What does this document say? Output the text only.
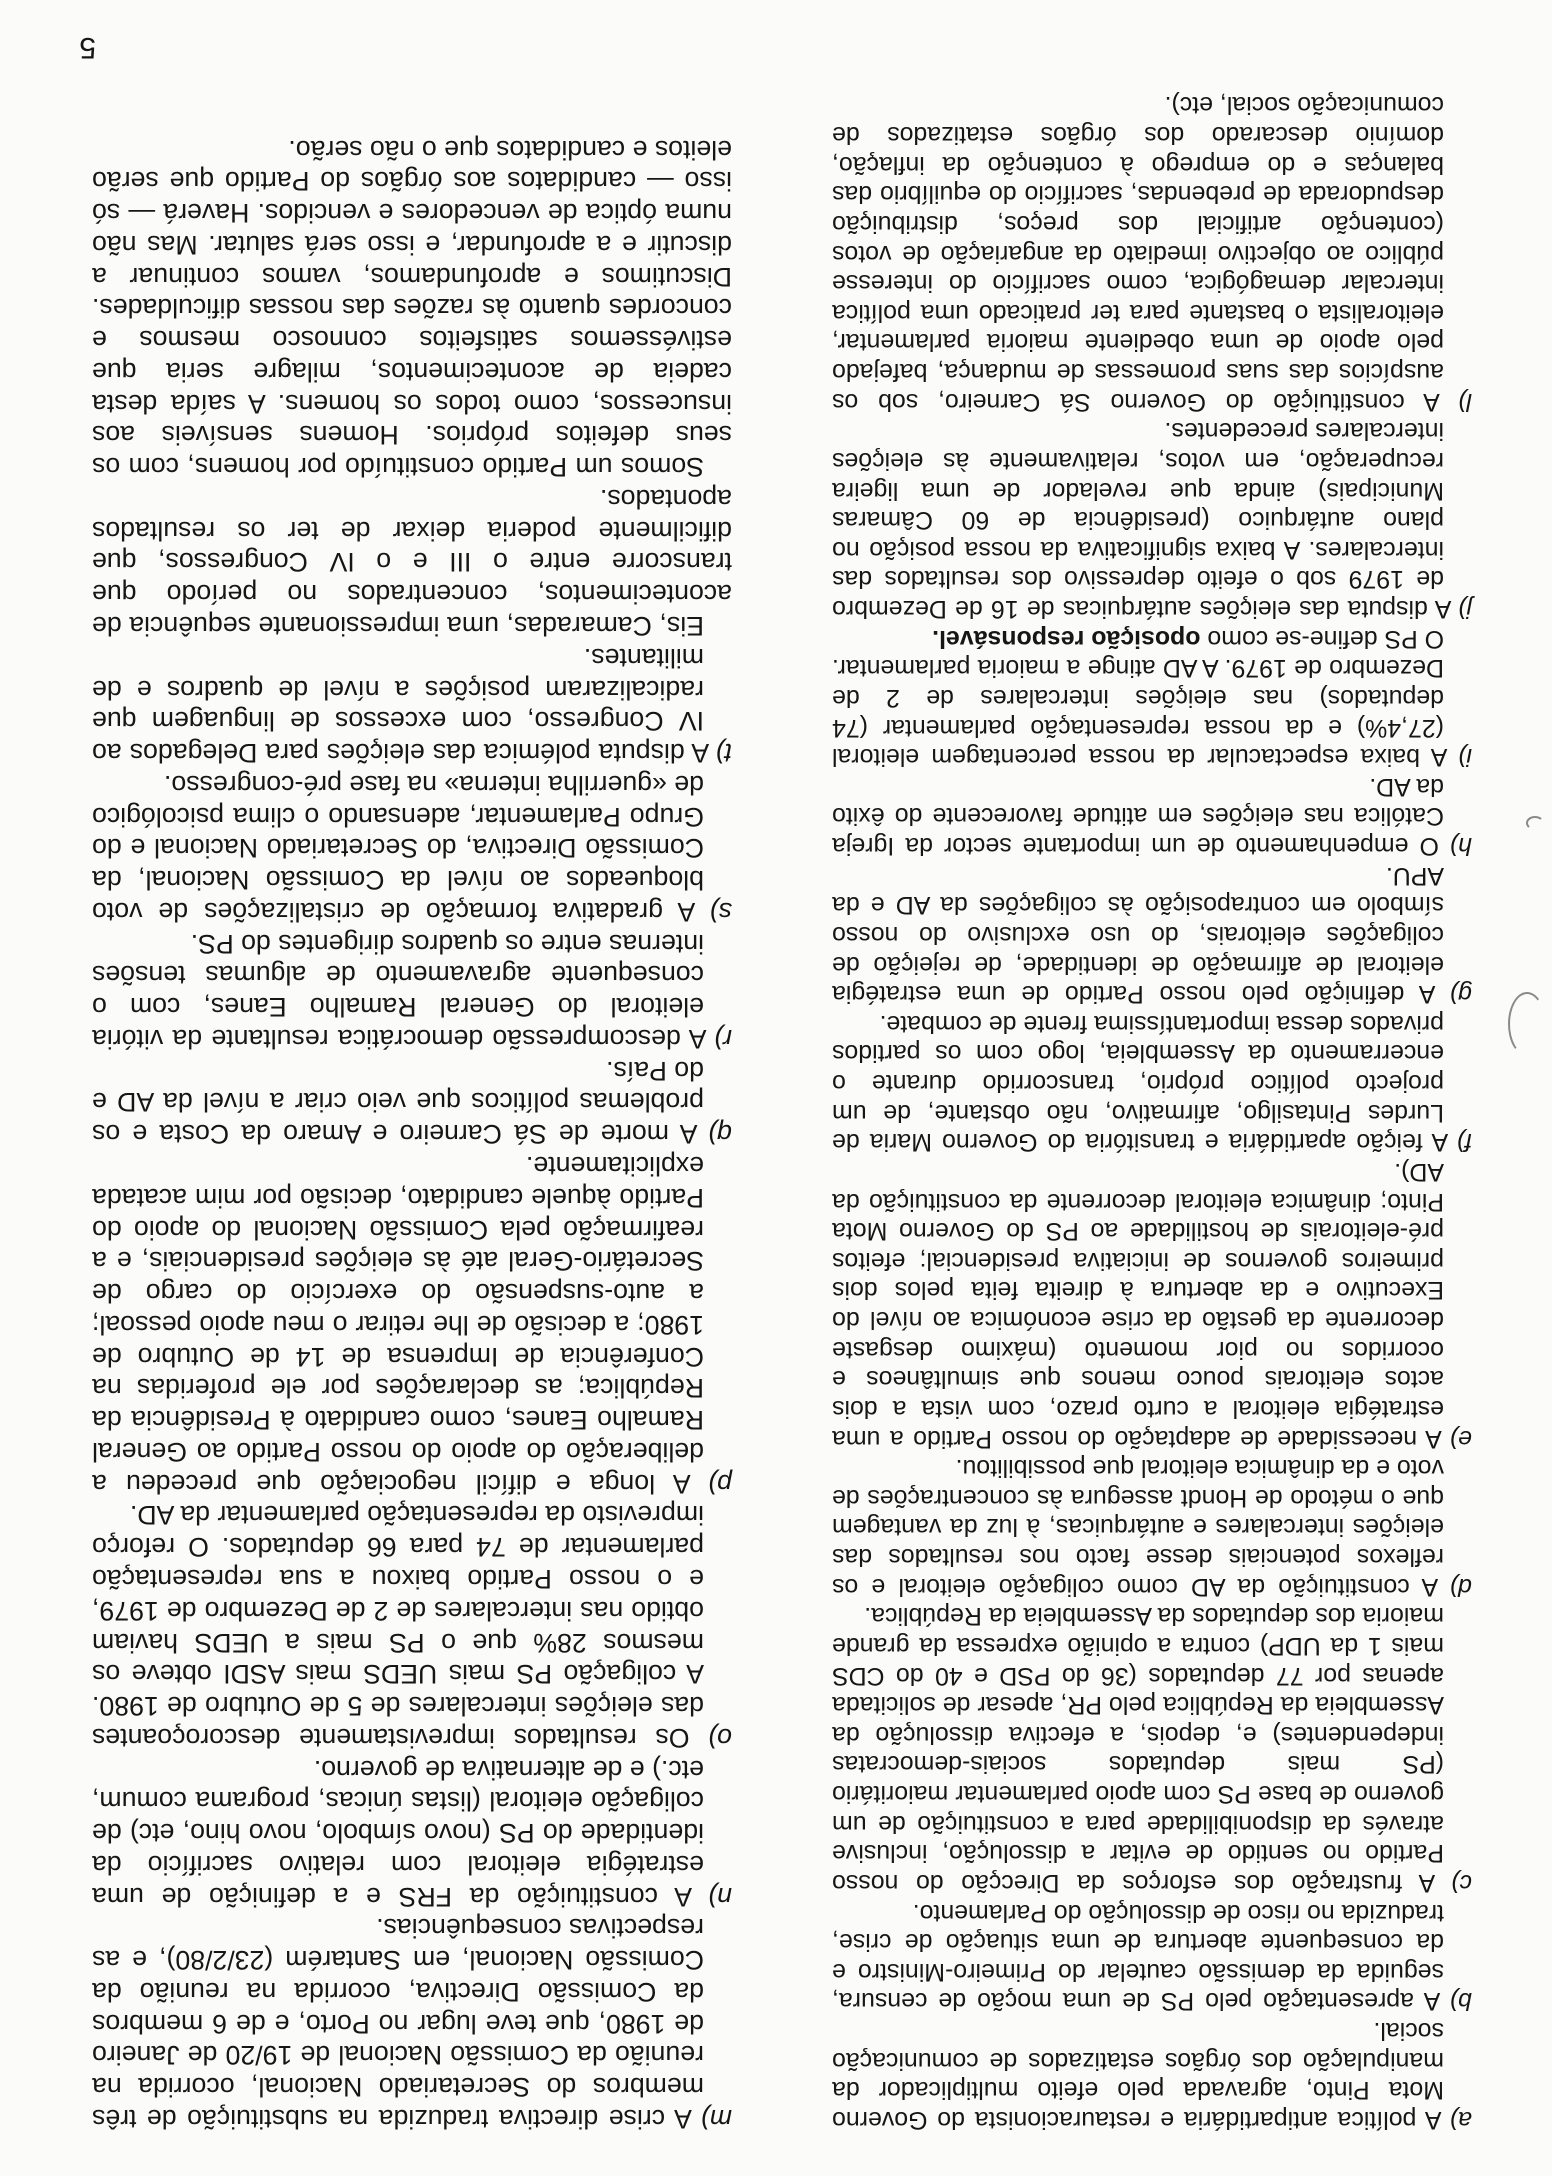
a) A política antipartidária e restauracionista do Governo Mota Pinto, agravada pelo efeito multiplicador da manipulação dos órgãos estatizados de comunicação social.

b) A apresentação pelo PS de uma moção de censura, seguida da demissão cautelar do Primeiro-Ministro e da consequente abertura de uma situação de crise, traduzida no risco de dissolução do Parlamento.

c) A frustração dos esforços da Direcção do nosso Partido no sentido de evitar a dissolução, inclusive através da disponibilidade para a constituição de um governo de base PS com apoio parlamentar maioritário (PS mais deputados sociais-democratas independentes) e, depois, a efectiva dissolução da Assembleia da República pelo PR, apesar de solicitada apenas por 77 deputados (36 do PSD e 40 do CDS mais 1 da UDP) contra a opinião expressa da grande maioria dos deputados da Assembleia da República.

d) A constituição da AD como coligação eleitoral e os reflexos potenciais desse facto nos resultados das eleições intercalares e autárquicas, à luz da vantagem que o método de Hondt assegura às concentrações de voto e da dinâmica eleitoral que possibilitou.

e) A necessidade de adaptação do nosso Partido a uma estratégia eleitoral a curto prazo, com vista a dois actos eleitorais pouco menos que simultâneos e ocorridos no pior momento (máximo desgaste decorrente da gestão da crise económica ao nível do Executivo e da abertura à direita feita pelos dois primeiros governos de iniciativa presidencial; efeitos pré-eleitorais de hostilidade ao PS do Governo Mota Pinto; dinâmica eleitoral decorrente da constituição da AD).

f) A feição apartidária e transitória do Governo Maria de Lurdes Pintasilgo, afirmativo, não obstante, de um projecto político próprio, transcorrido durante o encerramento da Assembleia, logo com os partidos privados dessa importantíssima frente de combate.

g) A definição pelo nosso Partido de uma estratégia eleitoral de afirmação de identidade, de rejeição de coligações eleitorais, do uso exclusivo do nosso símbolo em contraposição às coligações da AD e da APU.

h) O empenhamento de um importante sector da Igreja Católica nas eleições em atitude favorecente do êxito da AD.

i) A baixa espectacular da nossa percentagem eleitoral (27,4%) e da nossa representação parlamentar (74 deputados) nas eleições intercalares de 2 de Dezembro de 1979. A AD atinge a maioria parlamentar. O PS define-se como oposição responsável.

j) A disputa das eleições autárquicas de 16 de Dezembro de 1979 sob o efeito depressivo dos resultados das intercalares. A baixa significativa da nossa posição no plano autárquico (presidência de 60 Câmaras Municipais) ainda que revelador de uma ligeira recuperação, em votos, relativamente às eleições intercalares precedentes.

l) A constituição do Governo Sá Carneiro, sob os auspícios das suas promessas de mudança, bafejado pelo apoio de uma obediente maioria parlamentar, eleitoralista o bastante para ter praticado uma política intercalar demagógica, como sacrifício do interesse público ao objectivo imediato da angariação de votos (contenção artificial dos preços, distribuição despudorada de prebendas, sacrifício do equilíbrio das balanças e do emprego à contenção da inflação, domínio descarado dos órgãos estatizados de comunicação social, etc).

m) A crise directiva traduzida na substituição de três membros do Secretariado Nacional, ocorrida na reunião da Comissão Nacional de 19/20 de Janeiro de 1980, que teve lugar no Porto, e de 6 membros da Comissão Directiva, ocorrida na reunião da Comissão Nacional, em Santarém (23/2/80), e as respectivas consequências.

n) A constituição da FRS e a definição de uma estratégia eleitoral com relativo sacrifício da identidade do PS (novo símbolo, novo hino, etc) de coligação eleitoral (listas únicas, programa comum, etc.) e de alternativa de governo.

o) Os resultados imprevistamente descoroçoantes das eleições intercalares de 5 de Outubro de 1980. A coligação PS mais UEDS mais ASDI obteve os mesmos 28% que o PS mais a UEDS haviam obtido nas intercalares de 2 de Dezembro de 1979, e o nosso Partido baixou a sua representação parlamentar de 74 para 66 deputados. O reforço imprevisto da representação parlamentar da AD.

p) A longa e difícil negociação que precedeu a deliberação do apoio do nosso Partido ao General Ramalho Eanes, como candidato à Presidência da República; as declarações por ele proferidas na Conferência de Imprensa de 14 de Outubro de 1980; a decisão de lhe retirar o meu apoio pessoal; a auto-suspensão do exercício do cargo de Secretário-Geral até às eleições presidenciais, e a reafirmação pela Comissão Nacional do apoio do Partido àquele candidato, decisão por mim acatada explicitamente.

q) A morte de Sá Carneiro e Amaro da Costa e os problemas políticos que veio criar a nível da AD e do País.

r) A descompressão democrática resultante da vitória eleitoral do General Ramalho Eanes, com o consequente agravamento de algumas tensões internas entre os quadros dirigentes do PS.

s) A gradativa formação de cristalizações de voto bloqueados ao nível da Comissão Nacional, da Comissão Directiva, do Secretariado Nacional e do Grupo Parlamentar, adensando o clima psicológico de «guerrilha interna» na fase pré-congresso.

t) A disputa polémica das eleições para Delegados ao IV Congresso, com excessos de linguagem que radicalizaram posições a nível de quadros e de militantes.

Eis, Camaradas, uma impressionante sequência de acontecimentos, concentrados no período que transcorre entre o III e o IV Congressos, que dificilmente poderia deixar de ter os resultados apontados.

Somos um Partido constituído por homens, com os seus defeitos próprios. Homens sensíveis aos insucessos, como todos os homens. A saída desta cadeia de acontecimentos, milagre seria que estivéssemos satisfeitos connosco mesmos e concordes quanto às razões das nossas dificuldades. Discutimos e aprofundamos, vamos continuar a discutir e a aprofundar, e isso será salutar. Mas não numa óptica de vencedores e vencidos. Haverá — só isso — candidatos aos órgãos do Partido que serão eleitos e candidatos que o não serão.

5
